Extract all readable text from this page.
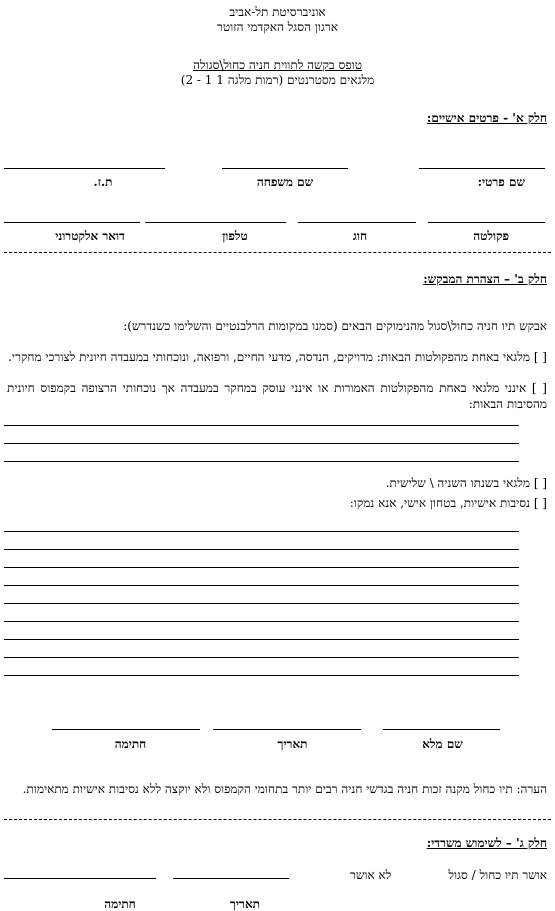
אוניברסיטת תל-אביב
ארגון הסגל האקדמי הזוטר
טופס בקשה לתווית חניה כחול\סגולה
מלגאים מסטרנטים (רמות מלגה 1 1 - 2)
חלק א' - פרטים אישיים:
שם פרטי:
שם משפחה
ת.ז.
פקולטה
חוג
טלפון
דואר אלקטרוני
חלק ב' – הצהרת המבקש:
אבקש תיו חניה כחול\סגול מהנימוקים הבאים (סמנו במקומות הרלבנטיים והשלימו כשנדרש):
[ ] מלגאי באחת מהפקולטות הבאות: מדויקים, הנדסה, מדעי החיים, ורפואה, ונוכחותי במעבדה חיונית לצורכי מחקרי.
[ ] אינני מלגאי באחת מהפקולטות האמורות או אינני עוסק במחקר במעבדה אך נוכחותי הרצופה בקמפוס חיונית מהסיבות הבאות:
[ ] מלגאי בשנתו השניה \ שלישית.
[ ] נסיבות אישיות, בטחון אישי, אנא נמקו:
שם מלא
תאריך
חתימה
הערה: תיו כחול מקנה זכות חניה בגדשי חניה רבים יותר בתחומי הקמפוס ולא יוקצה ללא נסיבות אישיות מתאימות.
חלק ג' – לשימוש משרדי:
אושר תיו כחול / סגול
לא אושר
תאריך
חתימה
